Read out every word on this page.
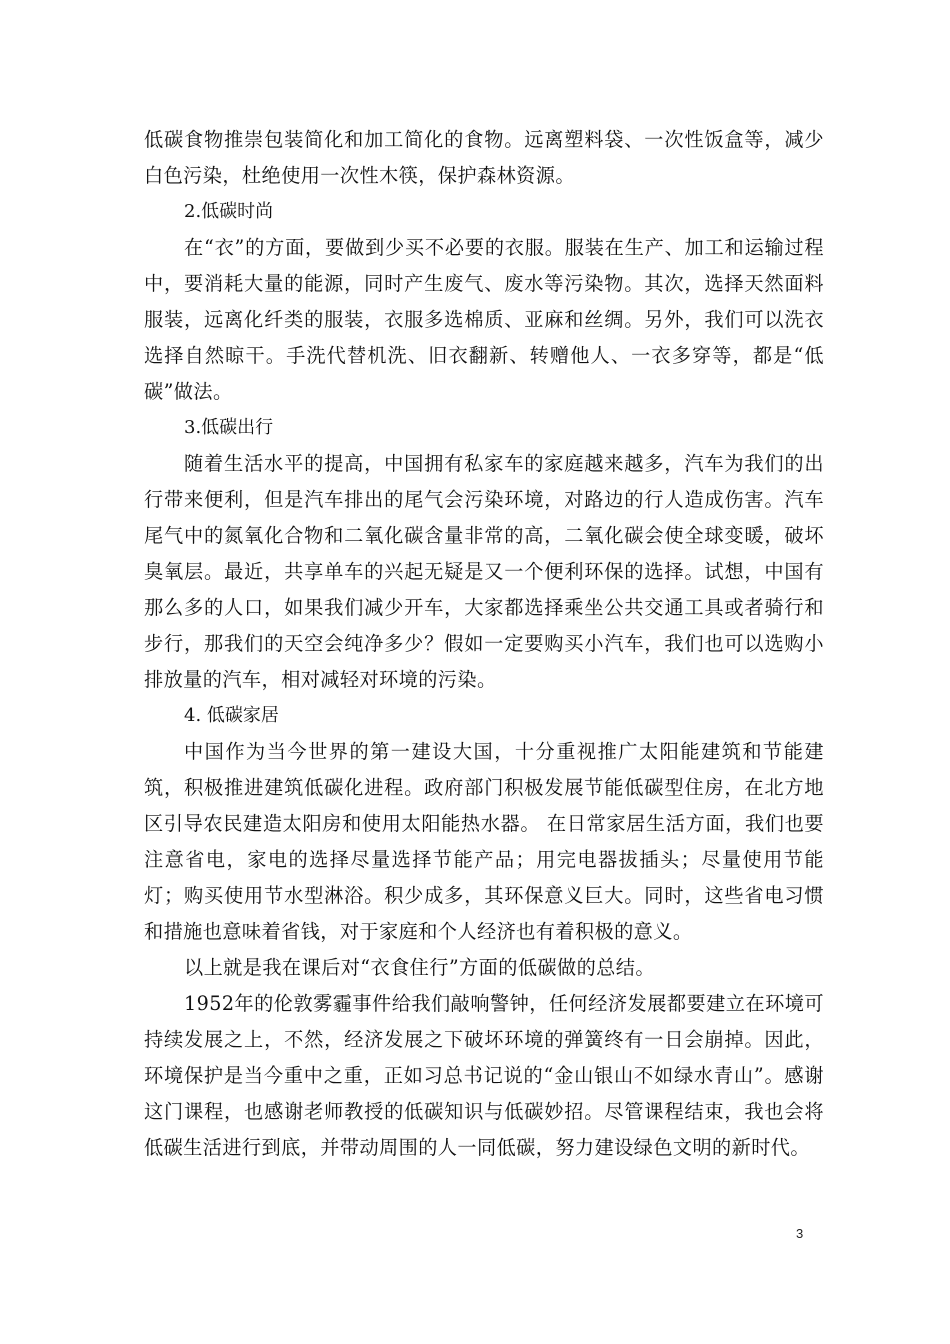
低碳食物推崇包装简化和加工简化的食物。远离塑料袋、一次性饭盒等，减少白色污染，杜绝使用一次性木筷，保护森林资源。

2.低碳时尚

在“衣”的方面，要做到少买不必要的衣服。服装在生产、加工和运输过程中，要消耗大量的能源，同时产生废气、废水等污染物。其次，选择天然面料服装，远离化纤类的服装，衣服多选棉质、亚麻和丝绸。另外，我们可以洗衣选择自然晾干。手洗代替机洗、旧衣翻新、转赠他人、一衣多穿等，都是“低碳”做法。

3.低碳出行

随着生活水平的提高，中国拥有私家车的家庭越来越多，汽车为我们的出行带来便利，但是汽车排出的尾气会污染环境，对路边的行人造成伤害。汽车尾气中的氮氧化合物和二氧化碳含量非常的高，二氧化碳会使全球变暖，破坏臭氧层。最近，共享单车的兴起无疑是又一个便利环保的选择。试想，中国有那么多的人口，如果我们减少开车，大家都选择乘坐公共交通工具或者骑行和步行，那我们的天空会纯净多少？假如一定要购买小汽车，我们也可以选购小排放量的汽车，相对减轻对环境的污染。

4. 低碳家居

中国作为当今世界的第一建设大国，十分重视推广太阳能建筑和节能建筑，积极推进建筑低碳化进程。政府部门积极发展节能低碳型住房，在北方地区引导农民建造太阳房和使用太阳能热水器。 在日常家居生活方面，我们也要注意省电，家电的选择尽量选择节能产品；用完电器拔插头；尽量使用节能灯；购买使用节水型淋浴。积少成多，其环保意义巨大。同时，这些省电习惯和措施也意味着省钱，对于家庭和个人经济也有着积极的意义。

以上就是我在课后对“衣食住行”方面的低碳做的总结。

1952年的伦敦雾霾事件给我们敲响警钟，任何经济发展都要建立在环境可持续发展之上，不然，经济发展之下破坏环境的弹簧终有一日会崩掉。因此，环境保护是当今重中之重，正如习总书记说的“金山银山不如绿水青山”。感谢这门课程，也感谢老师教授的低碳知识与低碳妙招。尽管课程结束，我也会将低碳生活进行到底，并带动周围的人一同低碳，努力建设绿色文明的新时代。

3
